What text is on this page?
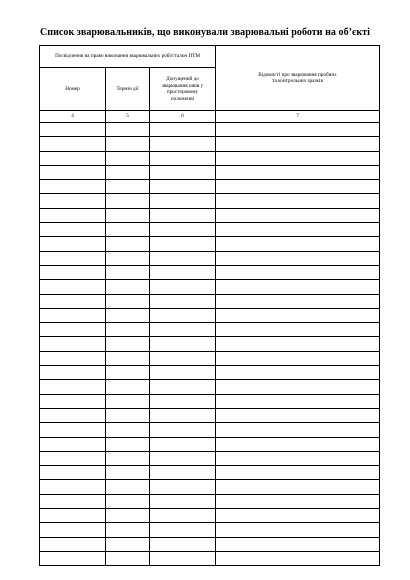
Список зварювальників, що виконували зварювальні роботи на об’єкті
Посвідчення на право виконання зварювальних робіт/талон ПТМ			Відомості про зварювання пробних та контрольних зразків
Номер	Термін дії	Допущений до зварювання швів у просторовому положенні	
4	5	6	7
